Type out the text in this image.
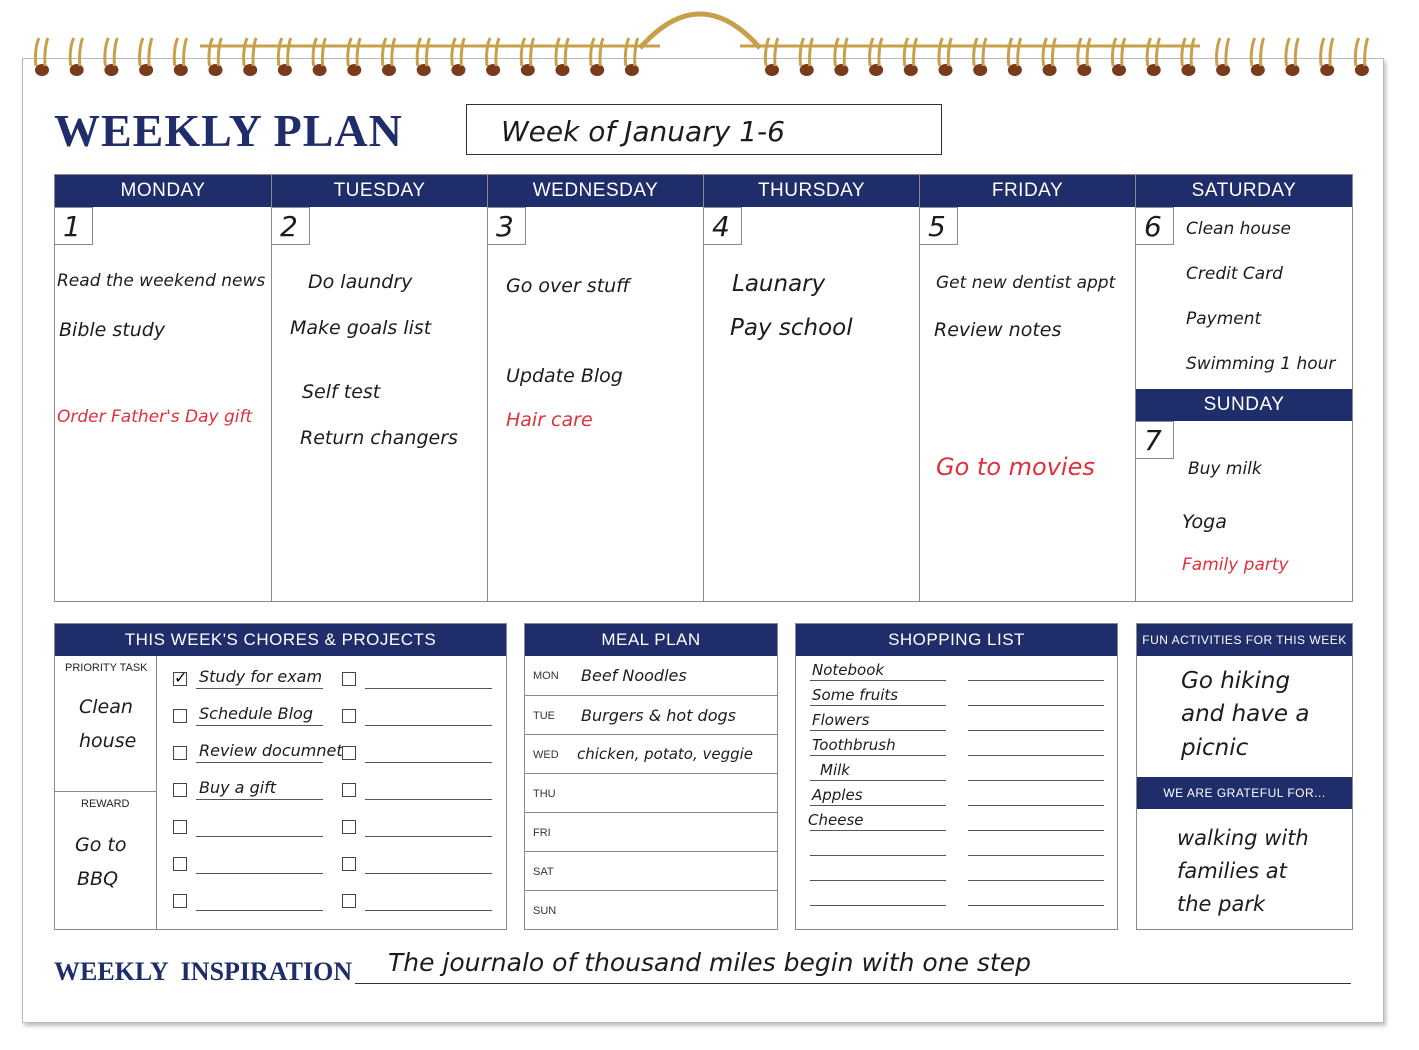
WEEKLY PLAN	Week of January 1-6
MONDAY
1
Read the weekend news
Bible study
Order Father's Day gift
TUESDAY
2
Do laundry
Make goals list
Self test
Return changers
WEDNESDAY
3
Go over stuff
Update Blog
Hair care
THURSDAY
4
Launary
Pay school
FRIDAY
5
Get new dentist appt
Review notes
Go to movies
SATURDAY
6	Clean house
Credit Card
Payment
Swimming 1 hour
SUNDAY
7
Buy milk
Yoga
Family party
THIS WEEK'S CHORES & PROJECTS
PRIORITY TASK
Clean
house
REWARD
Go to
BBQ
✓ Study for exam
Schedule Blog
Review documnet
Buy a gift
MEAL PLAN
MON Beef Noodles
TUE Burgers & hot dogs
WED chicken, potato, veggie
THU
FRI
SAT
SUN
SHOPPING LIST
Notebook
Some fruits
Flowers
Toothbrush
Milk
Apples
Cheese
FUN ACTIVITIES FOR THIS WEEK
Go hiking
and have a
picnic
WE ARE GRATEFUL FOR...
walking with
families at
the park
WEEKLY  INSPIRATION The journalo of thousand miles begin with one step
